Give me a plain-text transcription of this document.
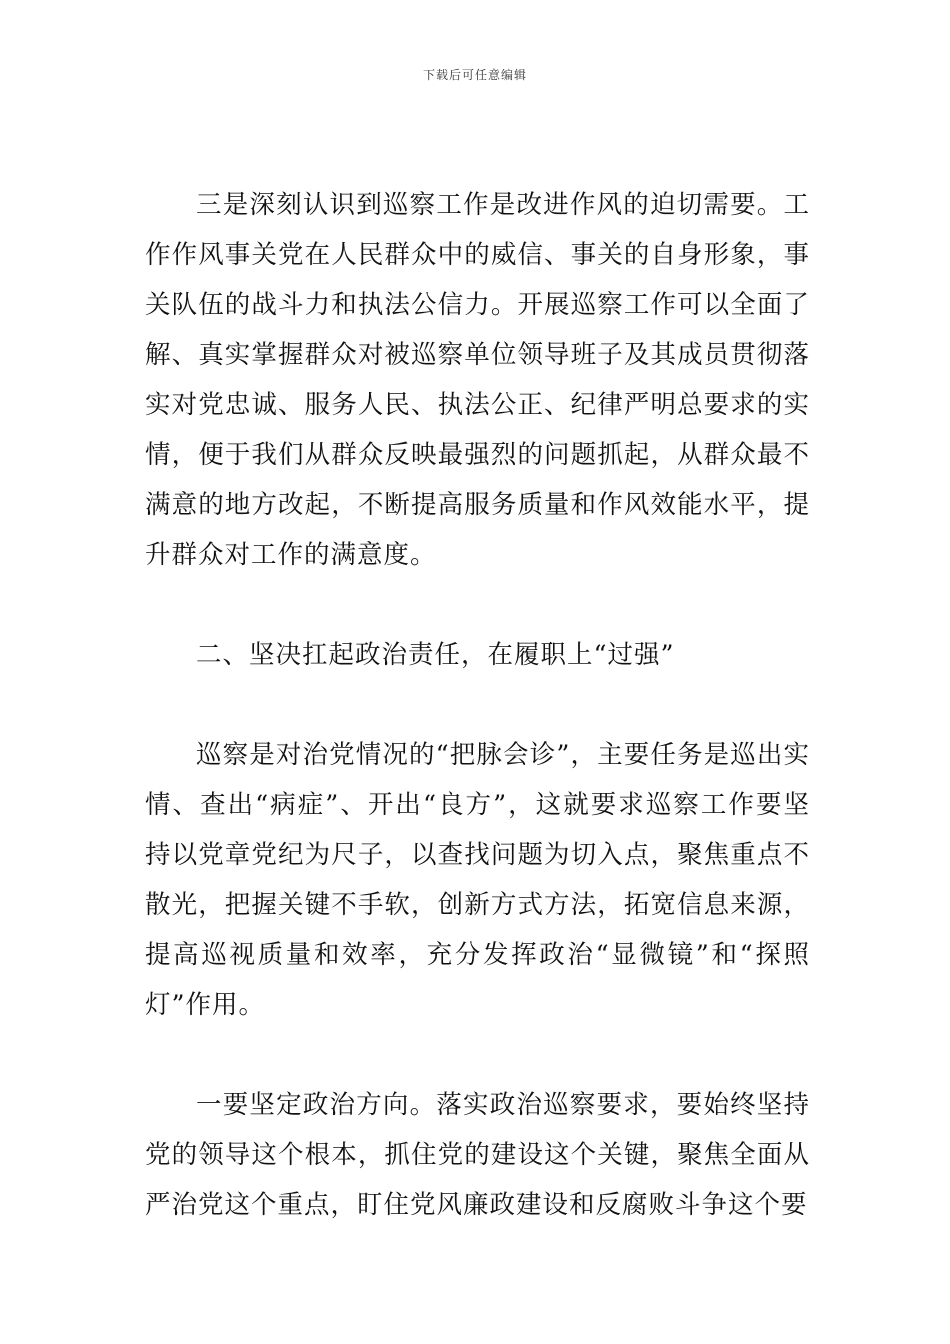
下载后可任意编辑

三是深刻认识到巡察工作是改进作风的迫切需要。工作作风事关党在人民群众中的威信、事关的自身形象，事关队伍的战斗力和执法公信力。开展巡察工作可以全面了解、真实掌握群众对被巡察单位领导班子及其成员贯彻落实对党忠诚、服务人民、执法公正、纪律严明总要求的实情，便于我们从群众反映最强烈的问题抓起，从群众最不满意的地方改起，不断提高服务质量和作风效能水平，提升群众对工作的满意度。

二、坚决扛起政治责任，在履职上“过强”

巡察是对治党情况的“把脉会诊”，主要任务是巡出实情、查出“病症”、开出“良方”，这就要求巡察工作要坚持以党章党纪为尺子，以查找问题为切入点，聚焦重点不散光，把握关键不手软，创新方式方法，拓宽信息来源，提高巡视质量和效率，充分发挥政治“显微镜”和“探照灯”作用。

一要坚定政治方向。落实政治巡察要求，要始终坚持党的领导这个根本，抓住党的建设这个关键，聚焦全面从严治党这个重点，盯住党风廉政建设和反腐败斗争这个要
